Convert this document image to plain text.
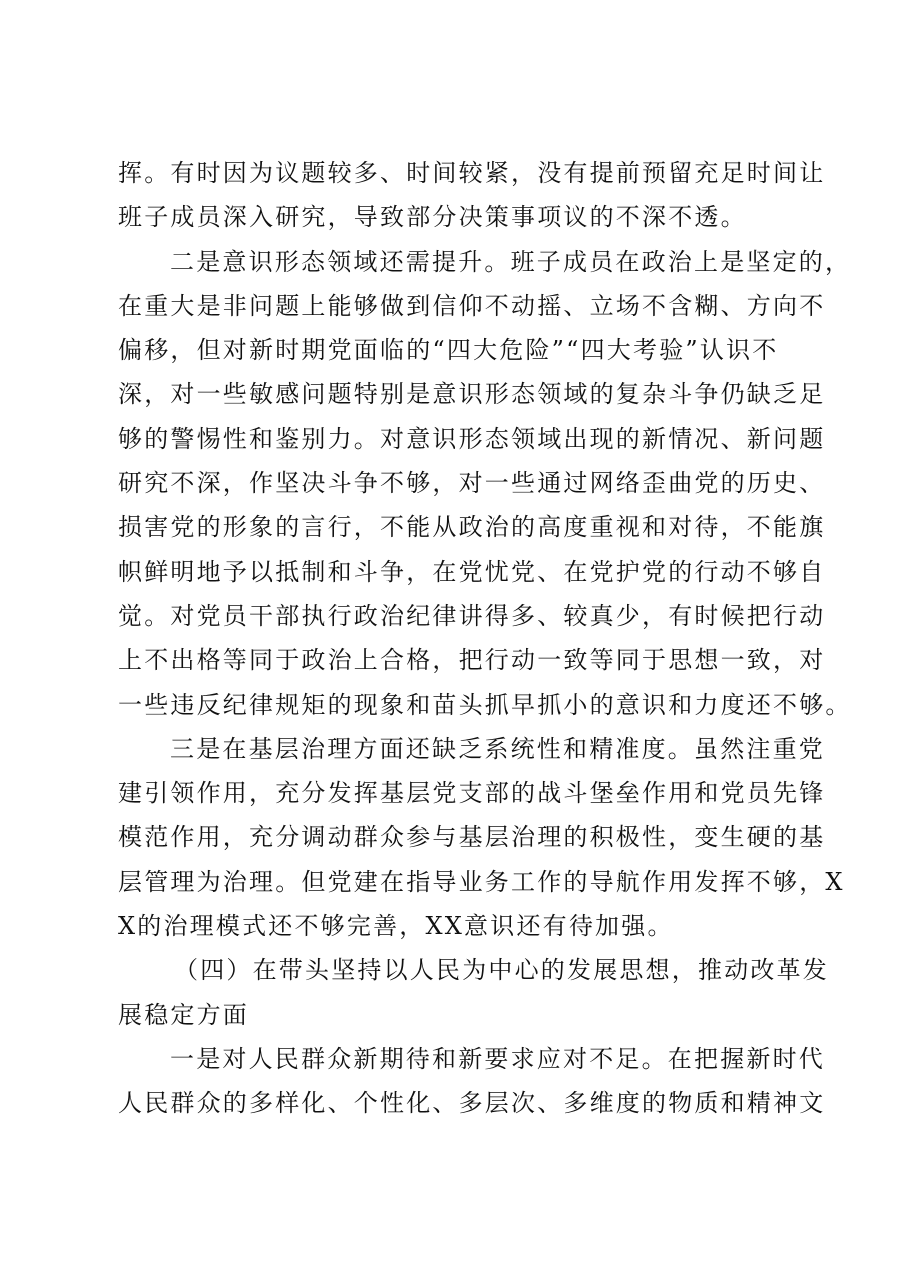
挥。有时因为议题较多、时间较紧，没有提前预留充足时间让
班子成员深入研究，导致部分决策事项议的不深不透。
二是意识形态领域还需提升。班子成员在政治上是坚定的，
在重大是非问题上能够做到信仰不动摇、立场不含糊、方向不
偏移，但对新时期党面临的“四大危险”“四大考验”认识不
深，对一些敏感问题特别是意识形态领域的复杂斗争仍缺乏足
够的警惕性和鉴别力。对意识形态领域出现的新情况、新问题
研究不深，作坚决斗争不够，对一些通过网络歪曲党的历史、
损害党的形象的言行，不能从政治的高度重视和对待，不能旗
帜鲜明地予以抵制和斗争，在党忧党、在党护党的行动不够自
觉。对党员干部执行政治纪律讲得多、较真少，有时候把行动
上不出格等同于政治上合格，把行动一致等同于思想一致，对
一些违反纪律规矩的现象和苗头抓早抓小的意识和力度还不够。
三是在基层治理方面还缺乏系统性和精准度。虽然注重党
建引领作用，充分发挥基层党支部的战斗堡垒作用和党员先锋
模范作用，充分调动群众参与基层治理的积极性，变生硬的基
层管理为治理。但党建在指导业务工作的导航作用发挥不够，X
X的治理模式还不够完善，XX意识还有待加强。
（四）在带头坚持以人民为中心的发展思想，推动改革发
展稳定方面
一是对人民群众新期待和新要求应对不足。在把握新时代
人民群众的多样化、个性化、多层次、多维度的物质和精神文
